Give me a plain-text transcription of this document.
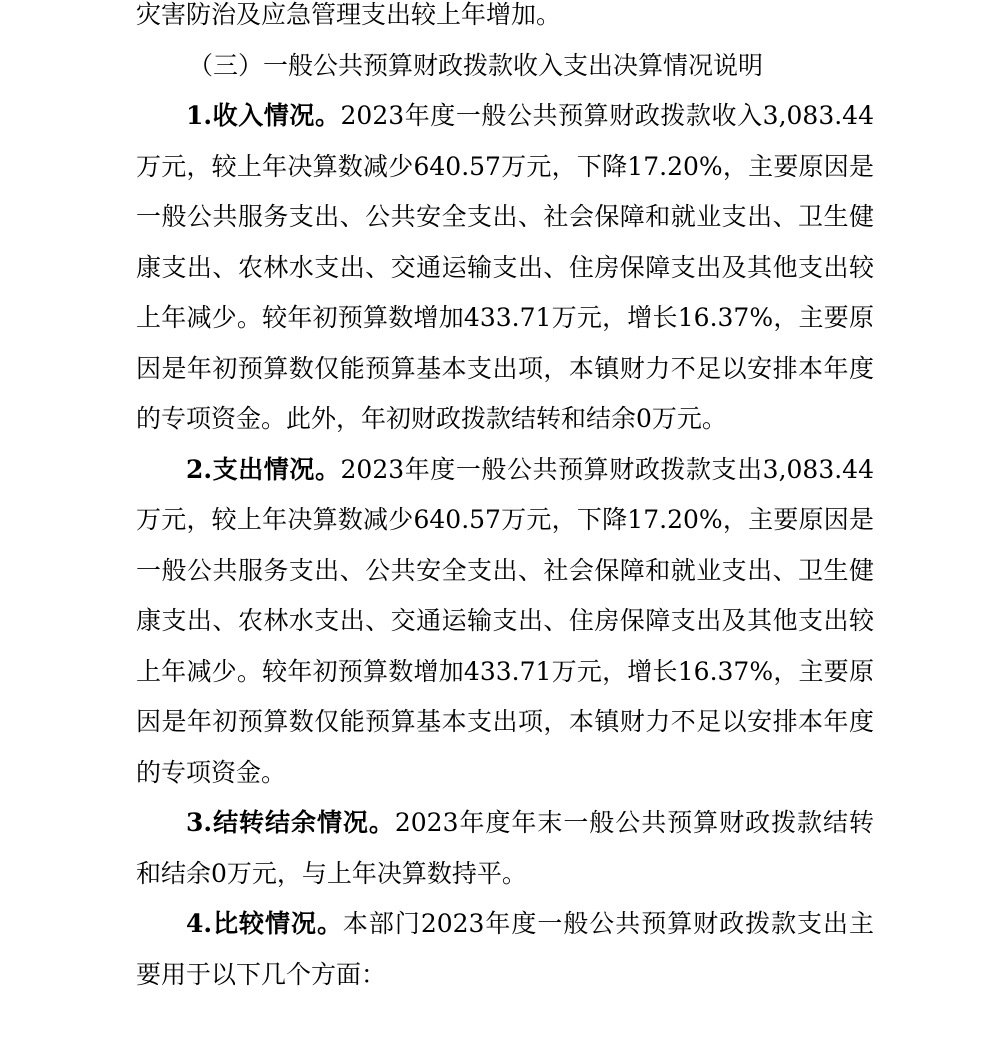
灾害防治及应急管理支出较上年增加。

（三）一般公共预算财政拨款收入支出决算情况说明

1.收入情况。2023年度一般公共预算财政拨款收入3,083.44万元，较上年决算数减少640.57万元，下降17.20%，主要原因是一般公共服务支出、公共安全支出、社会保障和就业支出、卫生健康支出、农林水支出、交通运输支出、住房保障支出及其他支出较上年减少。较年初预算数增加433.71万元，增长16.37%，主要原因是年初预算数仅能预算基本支出项，本镇财力不足以安排本年度的专项资金。此外，年初财政拨款结转和结余0万元。

2.支出情况。2023年度一般公共预算财政拨款支出3,083.44万元，较上年决算数减少640.57万元，下降17.20%，主要原因是一般公共服务支出、公共安全支出、社会保障和就业支出、卫生健康支出、农林水支出、交通运输支出、住房保障支出及其他支出较上年减少。较年初预算数增加433.71万元，增长16.37%，主要原因是年初预算数仅能预算基本支出项，本镇财力不足以安排本年度的专项资金。

3.结转结余情况。2023年度年末一般公共预算财政拨款结转和结余0万元，与上年决算数持平。

4.比较情况。本部门2023年度一般公共预算财政拨款支出主要用于以下几个方面：
